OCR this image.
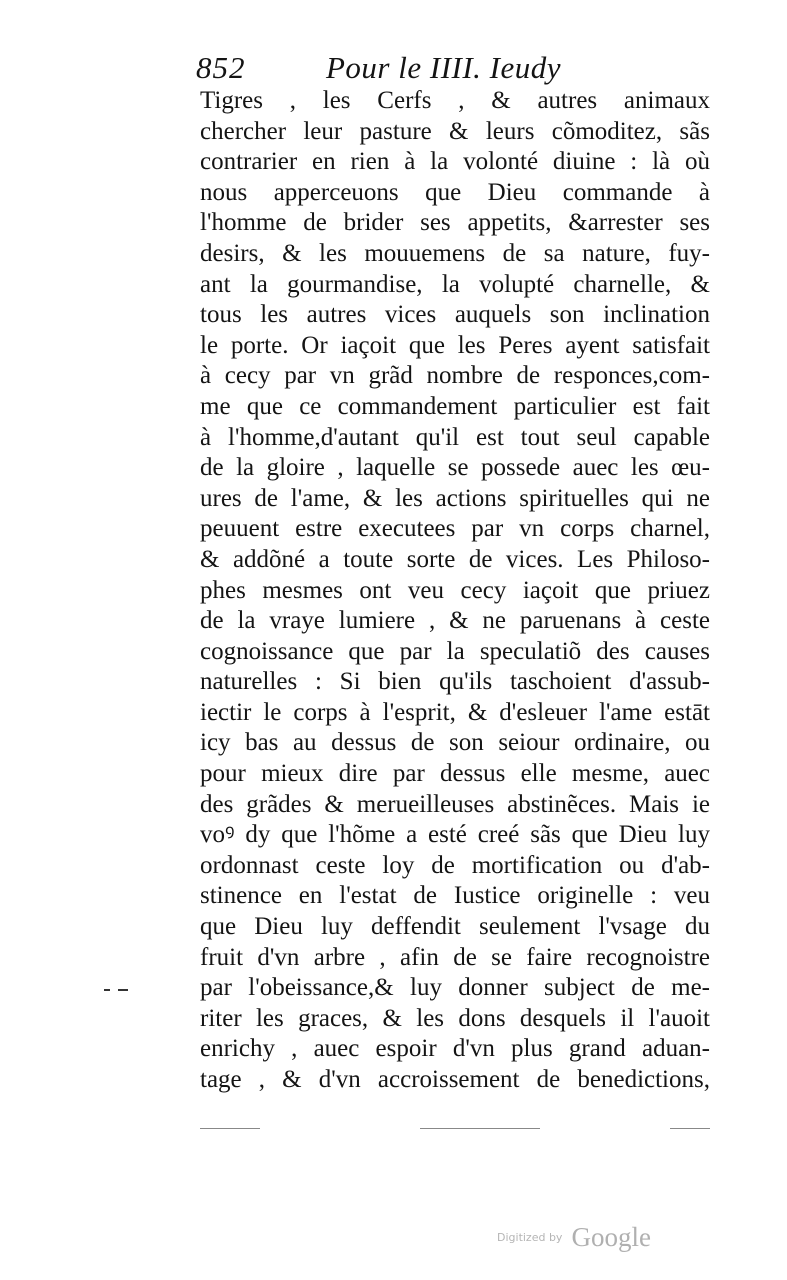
852	Pour le IIII. Ieudy
Tigres , les Cerfs , & autres animaux
chercher leur pasture & leurs cõmoditez, sãs
contrarier en rien à la volonté diuine : là où
nous apperceuons que Dieu commande à
l'homme de brider ses appetits, &arrester ses
desirs, & les mouuemens de sa nature, fuy-
ant la gourmandise, la volupté charnelle, &
tous les autres vices auquels son inclination
le porte. Or iaçoit que les Peres ayent satisfait
à cecy par vn grãd nombre de responces,com-
me que ce commandement particulier est fait
à l'homme,d'autant qu'il est tout seul capable
de la gloire , laquelle se possede auec les œu-
ures de l'ame, & les actions spirituelles qui ne
peuuent estre executees par vn corps charnel,
& addõné a toute sorte de vices. Les Philoso-
phes mesmes ont veu cecy iaçoit que priuez
de la vraye lumiere , & ne paruenans à ceste
cognoissance que par la speculatiõ des causes
naturelles : Si bien qu'ils taschoient d'assub-
iectir le corps à l'esprit, & d'esleuer l'ame estāt
icy bas au dessus de son seiour ordinaire, ou
pour mieux dire par dessus elle mesme, auec
des grãdes & merueilleuses abstinẽces. Mais ie
voꝰ dy que l'hõme a esté creé sãs que Dieu luy
ordonnast ceste loy de mortification ou d'ab-
stinence en l'estat de Iustice originelle : veu
que Dieu luy deffendit seulement l'vsage du
fruit d'vn arbre , afin de se faire recognoistre
par l'obeissance,& luy donner subject de me-
riter les graces, & les dons desquels il l'auoit
enrichy , auec espoir d'vn plus grand aduan-
tage , & d'vn accroissement de benedictions,
Digitized by Google
